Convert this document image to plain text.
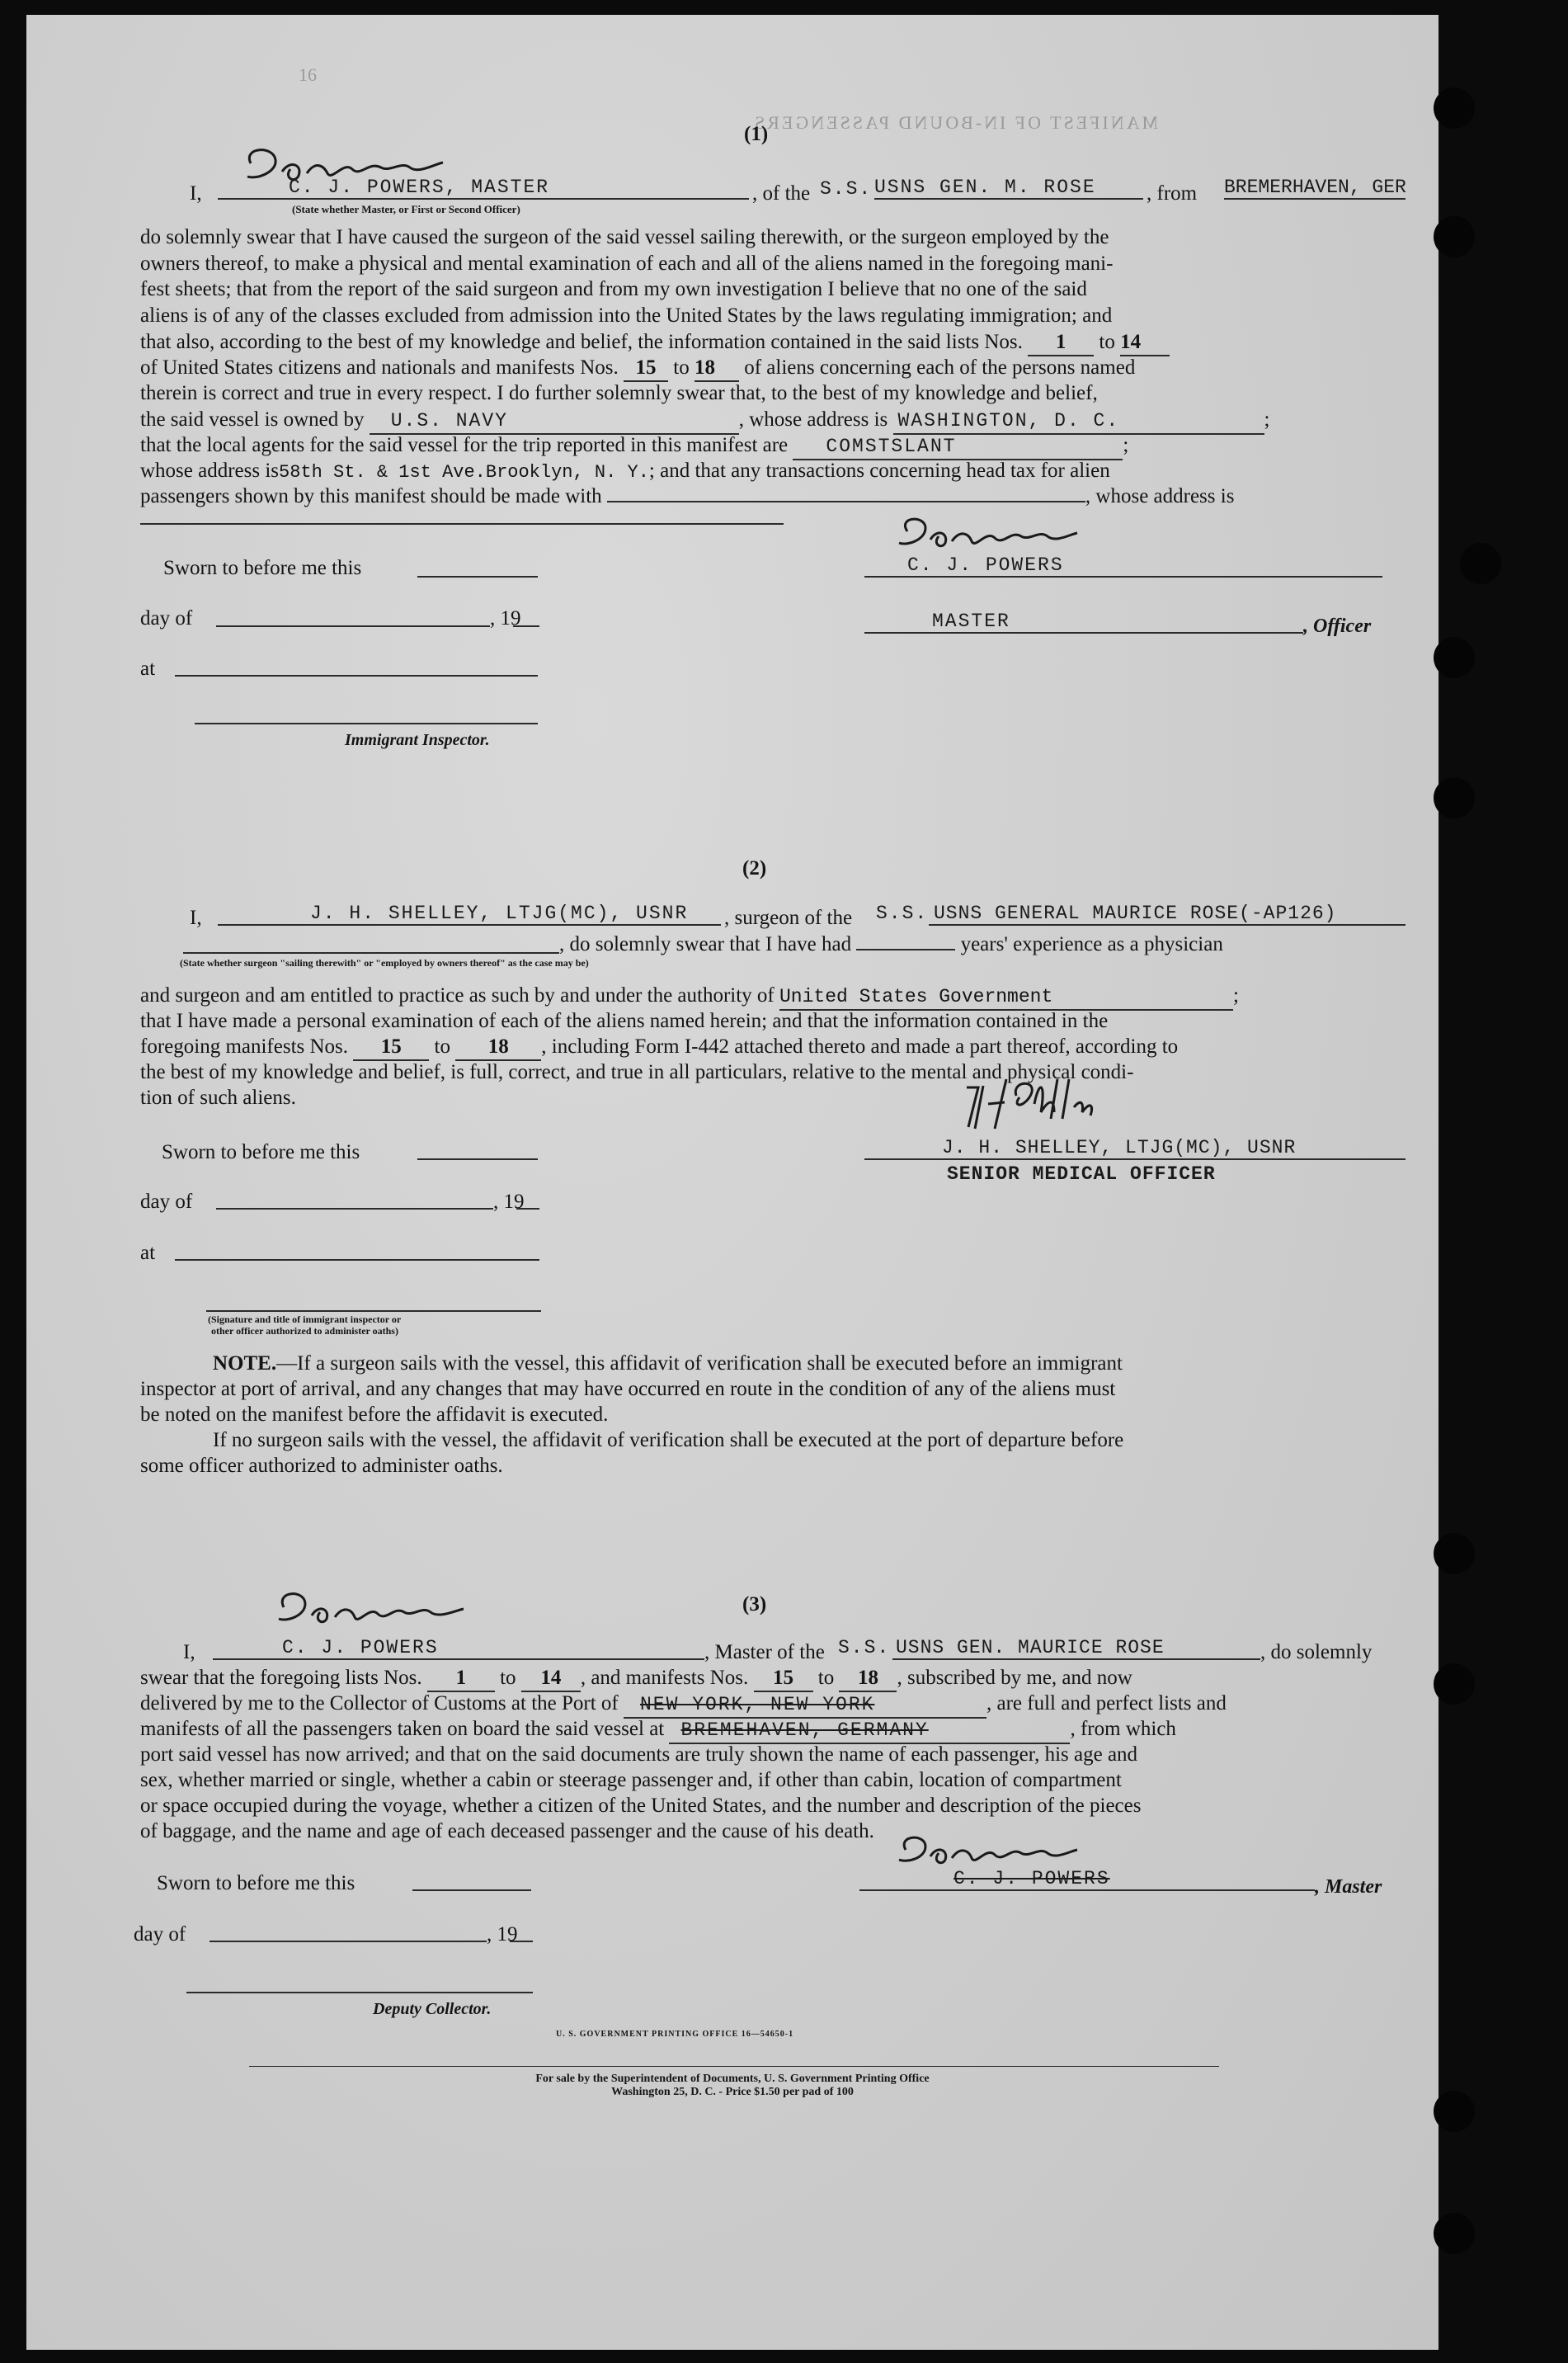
16
MANIFEST OF IN-BOUND PASSENGERS
(1)
I,	C. J. POWERS, MASTER
(State whether Master, or First or Second Officer)
, of the S.S. USNS GEN. M. ROSE , from BREMERHAVEN, GER

do solemnly swear that I have caused the surgeon of the said vessel sailing therewith, or the surgeon employed by the
owners thereof, to make a physical and mental examination of each and all of the aliens named in the foregoing mani-
fest sheets; that from the report of the said surgeon and from my own investigation I believe that no one of the said
aliens is of any of the classes excluded from admission into the United States by the laws regulating immigration; and

that also, according to the best of my knowledge and belief, the information contained in the said lists Nos. 1 to 14
of United States citizens and nationals and manifests Nos. 15 to 18 of aliens concerning each of the persons named
therein is correct and true in every respect. I do further solemnly swear that, to the best of my knowledge and belief,
the said vessel is owned by U.S. NAVY	, whose address is WASHINGTON, D. C.	;
that the local agents for the said vessel for the trip reported in this manifest are COMSTSLANT	;
whose address is58th St. & 1st Ave.Brooklyn, N. Y.; and that any transactions concerning head tax for alien
passengers shown by this manifest should be made with	, whose address is
Sworn to before me this
day of	, 19
at
Immigrant Inspector.
C. J. POWERS
MASTER	, Officer
(2)
I,	J. H. SHELLEY, LTJG(MC), USNR , surgeon of the S.S. USNS GENERAL MAURICE ROSE(-AP126)
, do solemnly swear that I have had	years' experience as a physician
(State whether surgeon "sailing therewith" or "employed by owners thereof" as the case may be)
and surgeon and am entitled to practice as such by and under the authority of United States Government	;
that I have made a personal examination of each of the aliens named herein; and that the information contained in the
foregoing manifests Nos. 15 to 18 , including Form I-442 attached thereto and made a part thereof, according to
the best of my knowledge and belief, is full, correct, and true in all particulars, relative to the mental and physical condi-
tion of such aliens.
Sworn to before me this
day of	, 19
at
(Signature and title of immigrant inspector or
other officer authorized to administer oaths)
J. H. SHELLEY, LTJG(MC), USNR
SENIOR MEDICAL OFFICER
NOTE.—If a surgeon sails with the vessel, this affidavit of verification shall be executed before an immigrant
inspector at port of arrival, and any changes that may have occurred en route in the condition of any of the aliens must
be noted on the manifest before the affidavit is executed.
If no surgeon sails with the vessel, the affidavit of verification shall be executed at the port of departure before
some officer authorized to administer oaths.
(3)
I,	C. J. POWERS	, Master of the S.S. USNS GEN. MAURICE ROSE	, do solemnly
swear that the foregoing lists Nos. 1 to 14 , and manifests Nos. 15 to 18 , subscribed by me, and now
delivered by me to the Collector of Customs at the Port of NEW YORK, NEW YORK	, are full and perfect lists and
manifests of all the passengers taken on board the said vessel at BREMEHAVEN, GERMANY	, from which
port said vessel has now arrived; and that on the said documents are truly shown the name of each passenger, his age and
sex, whether married or single, whether a cabin or steerage passenger and, if other than cabin, location of compartment
or space occupied during the voyage, whether a citizen of the United States, and the number and description of the pieces
of baggage, and the name and age of each deceased passenger and the cause of his death.
Sworn to before me this	C. J. POWERS	, Master
day of	, 19
Deputy Collector.
U. S. GOVERNMENT PRINTING OFFICE 16—54650-1
For sale by the Superintendent of Documents, U. S. Government Printing Office
Washington 25, D. C. - Price $1.50 per pad of 100
